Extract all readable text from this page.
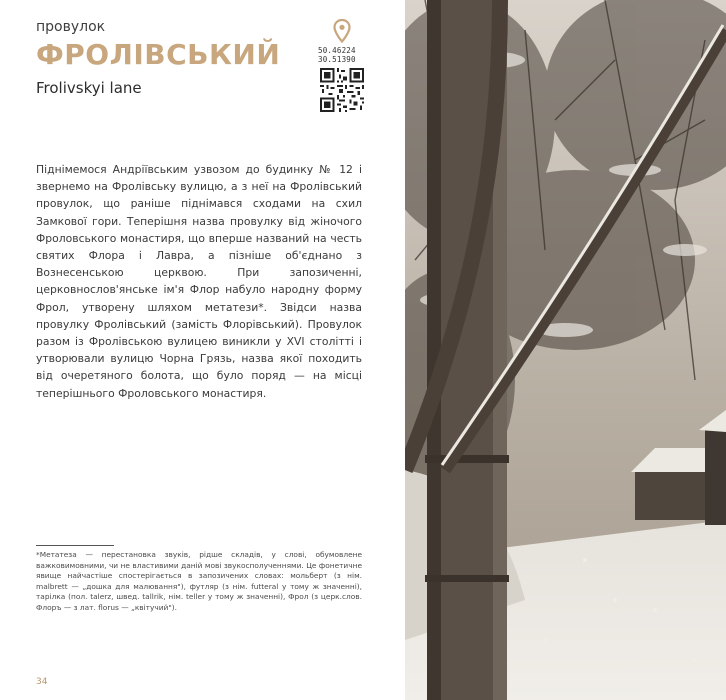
провулок
ФРОЛІВСЬКИЙ
Frolivskyi lane
50.46224
30.51390
Піднімемося Андріївським узвозом до будинку № 12 і звернемо на Фролівську вулицю, а з неї на Фролівський провулок, що раніше піднімався сходами на схил Замкової гори. Теперішня назва провулку від жіночого Фроловського монастиря, що вперше названий на честь святих Флора і Лавра, а пізніше об'єднано з Вознесенською церквою. При запозиченні, церковнослов'янське ім'я Флор набуло народну форму Фрол, утворену шляхом метатези*. Звідси назва провулку Фролівський (замість Флорівський). Провулок разом із Фролівською вулицею виникли у XVI столітті і утворювали вулицю Чорна Грязь, назва якої походить від очеретяного болота, що було поряд — на місці теперішнього Фроловського монастиря.
*Метатеза — перестановка звуків, рідше складів, у слові, обумовлене важковимовними, чи не властивими даній мові звукосполученнями. Це фонетичне явище найчастіше спостерігається в запозичених словах: мольберт (з нім. malbrett — „дошка для малювання"), футляр (з нім. futteral у тому ж значенні), тарілка (пол. talerz, швед. tallrik, нім. teller у тому ж значенні), Фрол (з церк.слов. Флоръ — з лат. florus — „квітучий").
34
